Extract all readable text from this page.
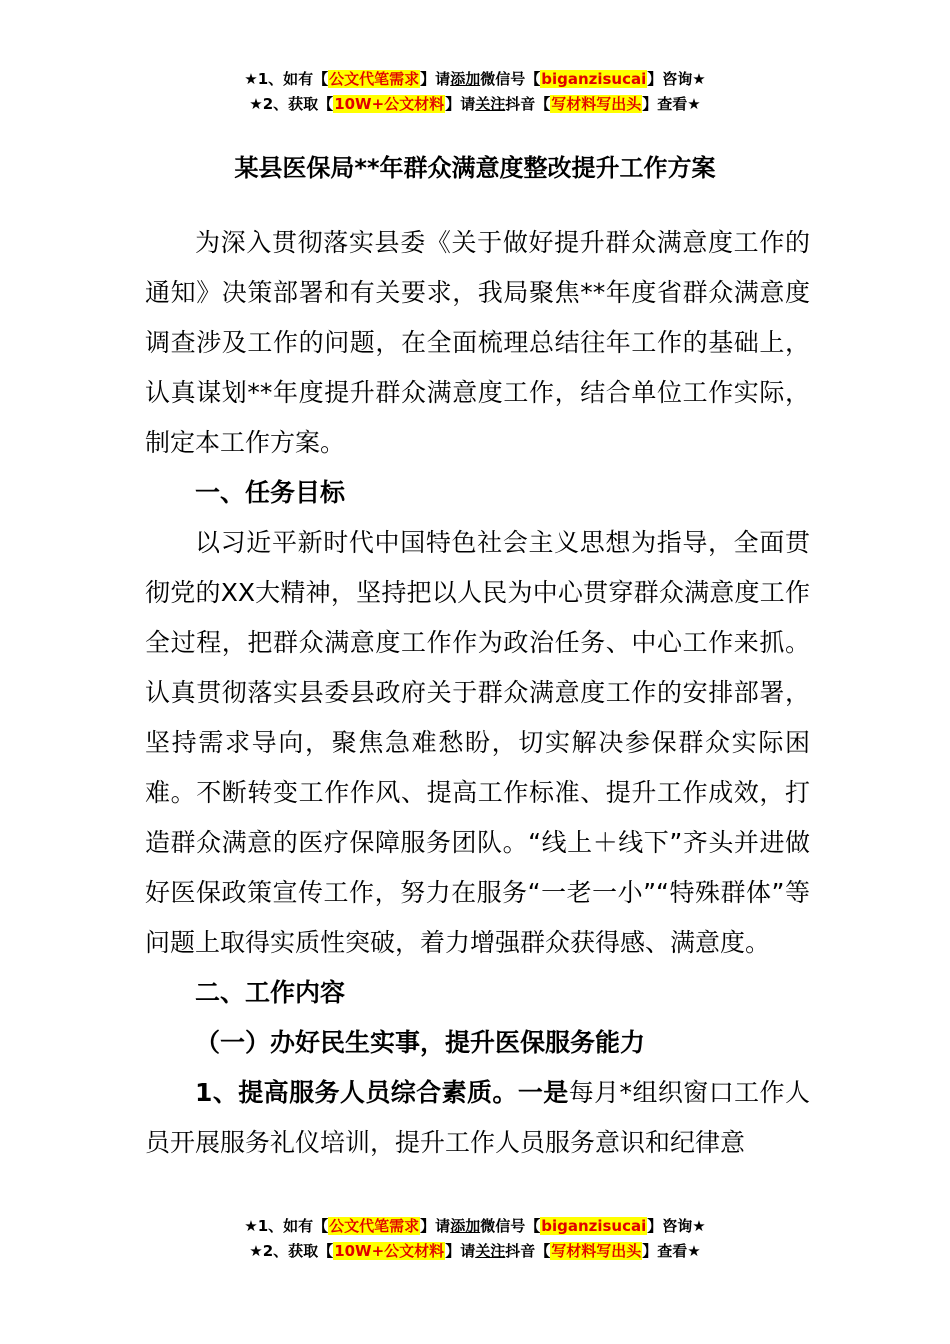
★1、如有【公文代笔需求】请添加微信号【biganzisucai】咨询★
★2、获取【10W+公文材料】请关注抖音【写材料写出头】查看★
某县医保局**年群众满意度整改提升工作方案

为深入贯彻落实县委《关于做好提升群众满意度工作的通知》决策部署和有关要求，我局聚焦**年度省群众满意度调查涉及工作的问题，在全面梳理总结往年工作的基础上，认真谋划**年度提升群众满意度工作，结合单位工作实际，制定本工作方案。

一、任务目标

以习近平新时代中国特色社会主义思想为指导，全面贯彻党的XX大精神，坚持把以人民为中心贯穿群众满意度工作全过程，把群众满意度工作作为政治任务、中心工作来抓。认真贯彻落实县委县政府关于群众满意度工作的安排部署，坚持需求导向，聚焦急难愁盼，切实解决参保群众实际困难。不断转变工作作风、提高工作标准、提升工作成效，打造群众满意的医疗保障服务团队。“线上＋线下”齐头并进做好医保政策宣传工作，努力在服务“一老一小”“特殊群体”等问题上取得实质性突破，着力增强群众获得感、满意度。

二、工作内容

（一）办好民生实事，提升医保服务能力

1、提高服务人员综合素质。一是每月*组织窗口工作人员开展服务礼仪培训，提升工作人员服务意识和纪律意

★1、如有【公文代笔需求】请添加微信号【biganzisucai】咨询★
★2、获取【10W+公文材料】请关注抖音【写材料写出头】查看★
